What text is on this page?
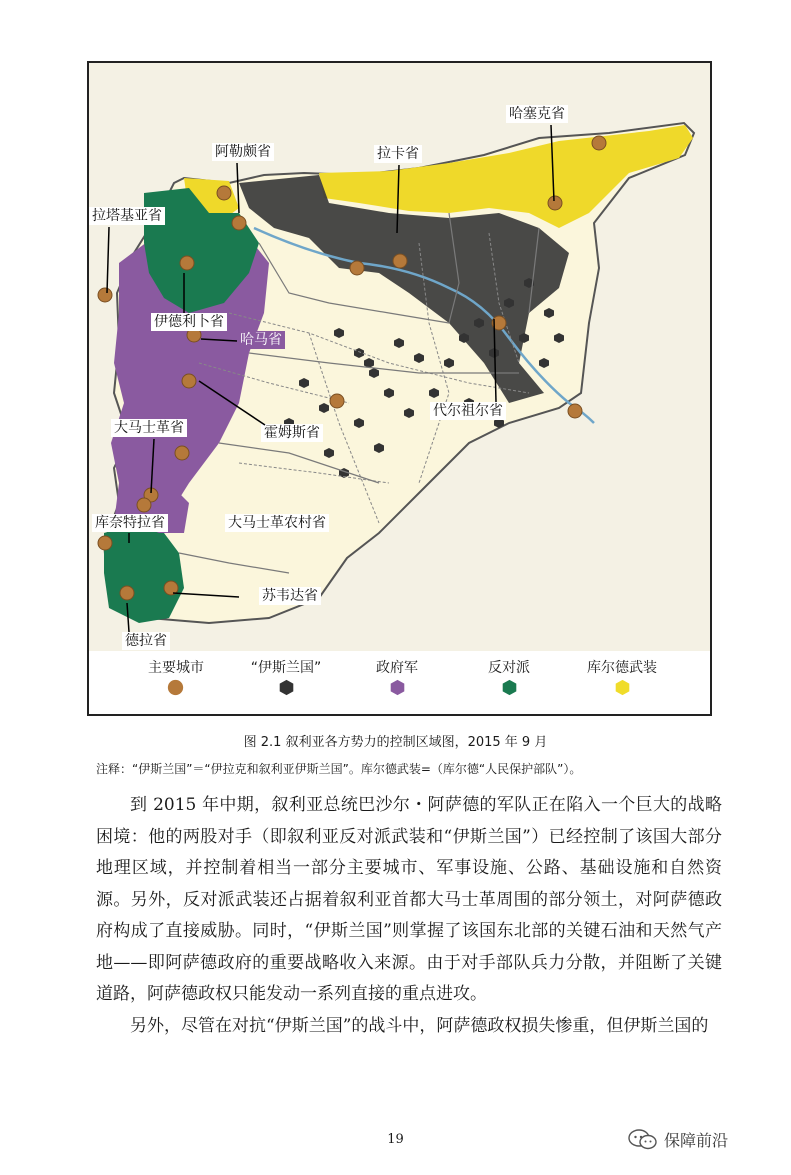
阿勒颇省	拉卡省
哈塞克省
拉塔基亚省
伊德利卜省
哈马省
霍姆斯省
代尔祖尔省
大马士革省
库奈特拉省	大马士革农村省
苏韦达省
德拉省
主要城市	“伊斯兰国”	政府军	反对派	库尔德武装
图 2.1 叙利亚各方势力的控制区域图，2015 年 9 月
注释：“伊斯兰国”＝“伊拉克和叙利亚伊斯兰国”。库尔德武装=（库尔德“人民保护部队”）。

到 2015 年中期，叙利亚总统巴沙尔・阿萨德的军队正在陷入一个巨大的战略困境：他的两股对手（即叙利亚反对派武装和“伊斯兰国”）已经控制了该国大部分地理区域，并控制着相当一部分主要城市、军事设施、公路、基础设施和自然资源。另外，反对派武装还占据着叙利亚首都大马士革周围的部分领土，对阿萨德政府构成了直接威胁。同时，“伊斯兰国”则掌握了该国东北部的关键石油和天然气产地——即阿萨德政府的重要战略收入来源。由于对手部队兵力分散，并阻断了关键道路，阿萨德政权只能发动一系列直接的重点进攻。

另外，尽管在对抗“伊斯兰国”的战斗中，阿萨德政权损失惨重，但伊斯兰国的

19	保障前沿
